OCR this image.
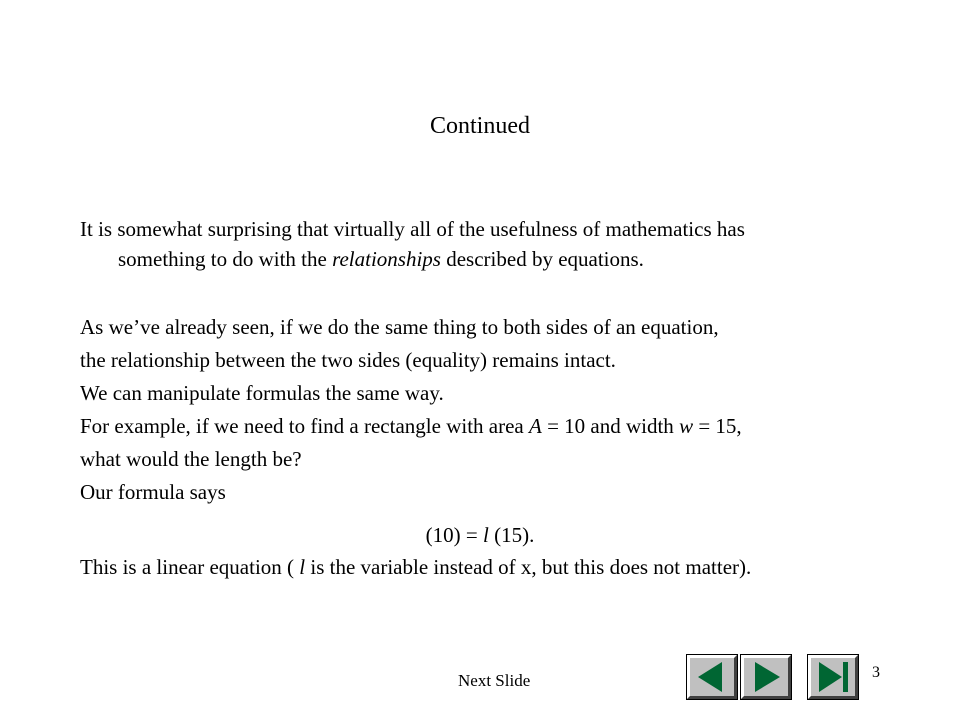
Continued
It is somewhat surprising that virtually all of the usefulness of mathematics has
something to do with the relationships described by equations.
As we’ve already seen, if we do the same thing to both sides of an equation,
the relationship between the two sides (equality) remains intact.
We can manipulate formulas the same way.
For example, if we need to find a rectangle with area A = 10 and width w = 15,
what would the length be?
Our formula says
(10) = l (15).
This is a linear equation ( l is the variable instead of x, but this does not matter).
Next Slide	3
